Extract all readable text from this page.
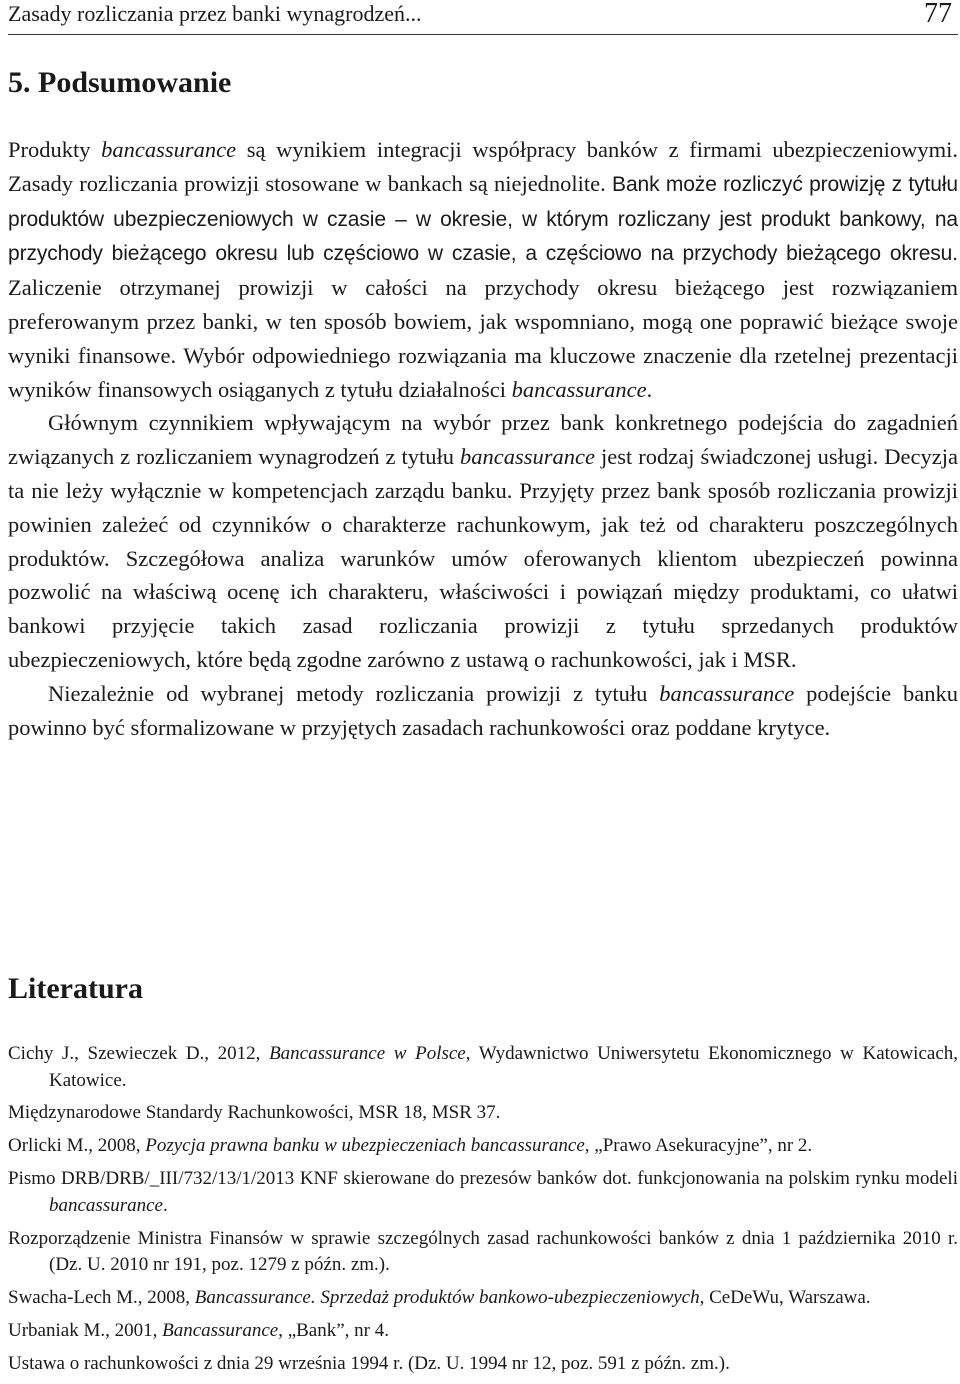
Zasady rozliczania przez banki wynagrodzeń...	77
5. Podsumowanie

Produkty bancassurance są wynikiem integracji współpracy banków z firmami ubezpieczeniowymi. Zasady rozliczania prowizji stosowane w bankach są niejednolite. Bank może rozliczyć prowizję z tytułu produktów ubezpieczeniowych w czasie – w okresie, w którym rozliczany jest produkt bankowy, na przychody bieżącego okresu lub częściowo w czasie, a częściowo na przychody bieżącego okresu. Zaliczenie otrzymanej prowizji w całości na przychody okresu bieżącego jest rozwiązaniem preferowanym przez banki, w ten sposób bowiem, jak wspomniano, mogą one poprawić bieżące swoje wyniki finansowe. Wybór odpowiedniego rozwiązania ma kluczowe znaczenie dla rzetelnej prezentacji wyników finansowych osiąganych z tytułu działalności bancassurance.

Głównym czynnikiem wpływającym na wybór przez bank konkretnego podejścia do zagadnień związanych z rozliczaniem wynagrodzeń z tytułu bancassurance jest rodzaj świadczonej usługi. Decyzja ta nie leży wyłącznie w kompetencjach zarządu banku. Przyjęty przez bank sposób rozliczania prowizji powinien zależeć od czynników o charakterze rachunkowym, jak też od charakteru poszczególnych produktów. Szczegółowa analiza warunków umów oferowanych klientom ubezpieczeń powinna pozwolić na właściwą ocenę ich charakteru, właściwości i powiązań między produktami, co ułatwi bankowi przyjęcie takich zasad rozliczania prowizji z tytułu sprzedanych produktów ubezpieczeniowych, które będą zgodne zarówno z ustawą o rachunkowości, jak i MSR.

Niezależnie od wybranej metody rozliczania prowizji z tytułu bancassurance podejście banku powinno być sformalizowane w przyjętych zasadach rachunkowości oraz poddane krytyce.

Literatura

Cichy J., Szewieczek D., 2012, Bancassurance w Polsce, Wydawnictwo Uniwersytetu Ekonomicznego w Katowicach, Katowice.

Międzynarodowe Standardy Rachunkowości, MSR 18, MSR 37.

Orlicki M., 2008, Pozycja prawna banku w ubezpieczeniach bancassurance, „Prawo Asekuracyjne”, nr 2.

Pismo DRB/DRB/_III/732/13/1/2013 KNF skierowane do prezesów banków dot. funkcjonowania na polskim rynku modeli bancassurance.

Rozporządzenie Ministra Finansów w sprawie szczególnych zasad rachunkowości banków z dnia 1 października 2010 r. (Dz. U. 2010 nr 191, poz. 1279 z późn. zm.).

Swacha-Lech M., 2008, Bancassurance. Sprzedaż produktów bankowo-ubezpieczeniowych, CeDeWu, Warszawa.

Urbaniak M., 2001, Bancassurance, „Bank”, nr 4.

Ustawa o rachunkowości z dnia 29 września 1994 r. (Dz. U. 1994 nr 12, poz. 591 z późn. zm.).
